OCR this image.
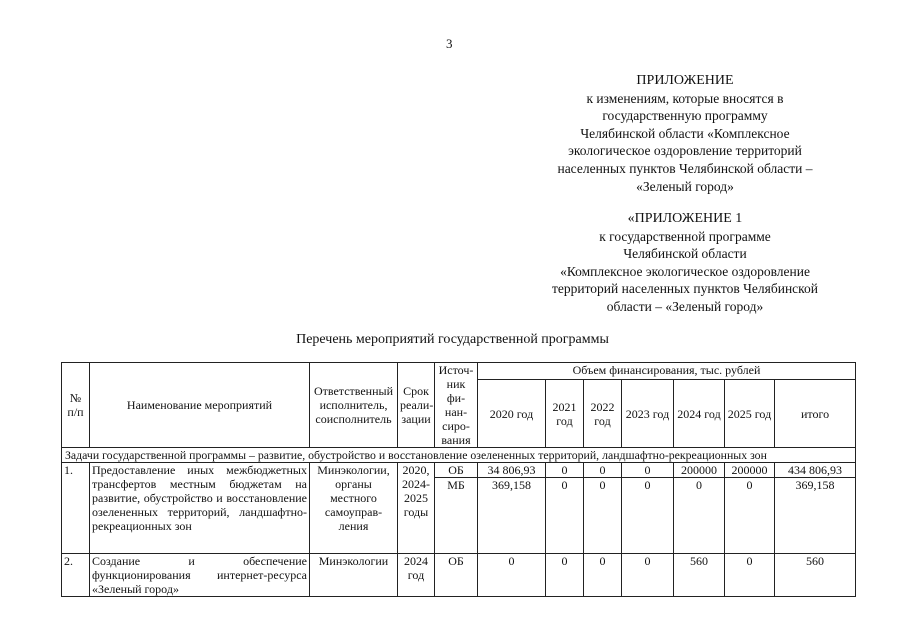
3
ПРИЛОЖЕНИЕ
к изменениям, которые вносятся в
государственную программу
Челябинской области «Комплексное
экологическое оздоровление территорий
населенных пунктов Челябинской области –
«Зеленый город»
«ПРИЛОЖЕНИЕ 1
к государственной программе
Челябинской области
«Комплексное экологическое оздоровление
территорий населенных пунктов Челябинской
области – «Зеленый город»
Перечень мероприятий государственной программы
№ п/п	Наименование мероприятий	Ответственный исполнитель, соисполнитель	Срок реали-зации	Источ-ник фи-нан-сиро-вания	Объем финансирования, тыс. рублей						
					2020 год	2021 год	2022 год	2023 год	2024 год	2025 год	итого
Задачи государственной программы – развитие, обустройство и восстановление озелененных территорий, ландшафтно-рекреационных зон											
1.	Предоставление иных межбюджетных трансфертов местным бюджетам на развитие, обустройство и восстановление озелененных территорий, ландшафтно-рекреационных зон	Минэкологии, органы местного самоуправ-ления	2020, 2024-2025 годы	ОБ	34 806,93	0	0	0	200000	200000	434 806,93
				МБ	369,158	0	0	0	0	0	369,158
2.	Создание и обеспечение функционирования интернет-ресурса «Зеленый город»	Минэкологии	2024 год	ОБ	0	0	0	0	560	0	560
